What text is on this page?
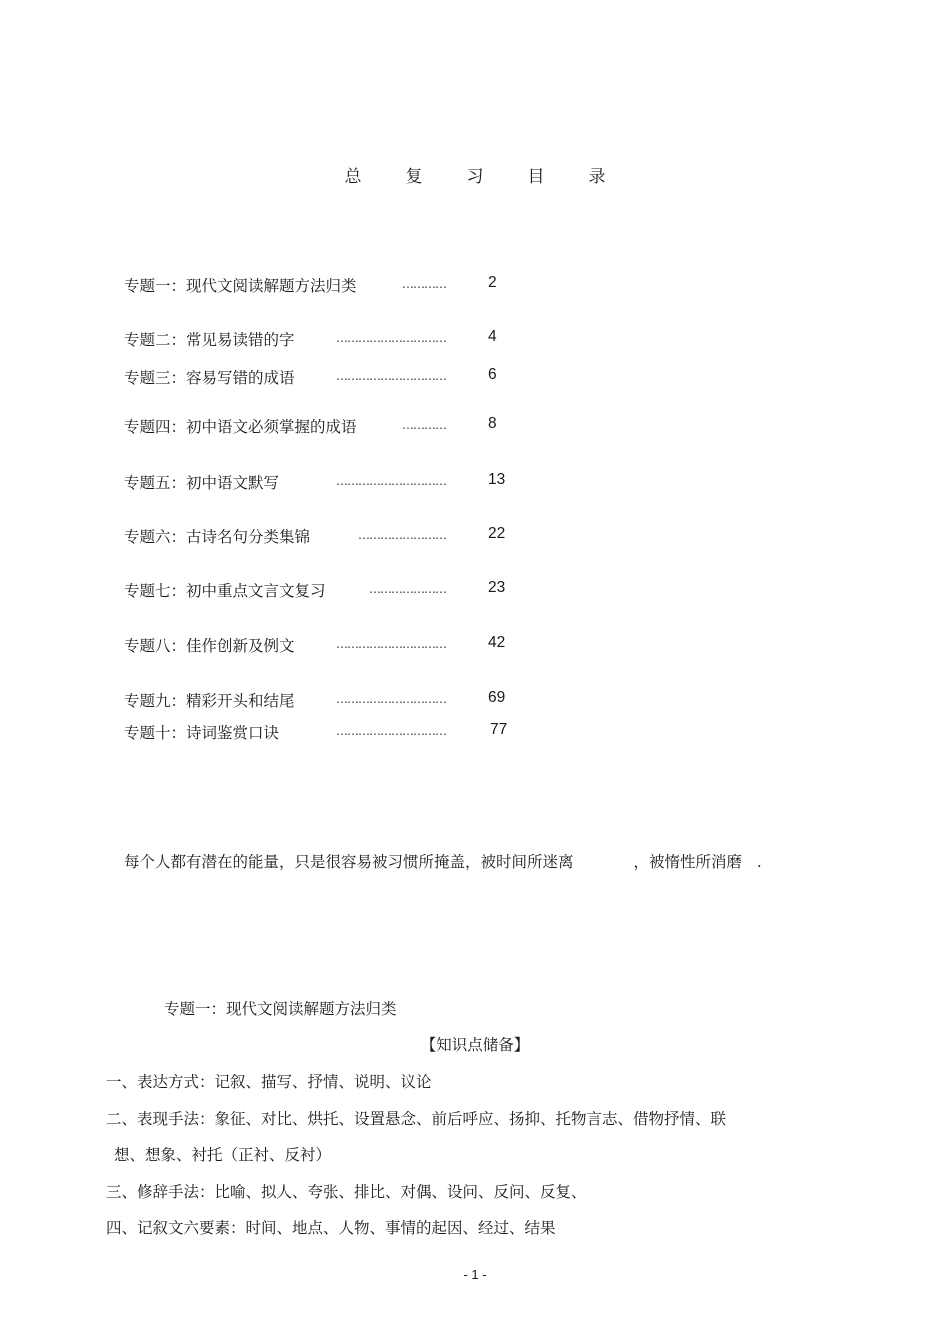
总	复	习	目	录
专题一：现代文阅读解题方法归类	…………	2
专题二：常见易读错的字	…………………………	4
专题三：容易写错的成语	…………………………	6
专题四：初中语文必须掌握的成语	…………	8
专题五：初中语文默写	…………………………	13
专题六：古诗名句分类集锦	……………………	22
专题七：初中重点文言文复习	…………………	23
专题八：佳作创新及例文	…………………………	42
专题九：精彩开头和结尾	…………………………	69
专题十：诗词鉴赏口诀	…………………………	77
每个人都有潜在的能量，只是很容易被习惯所掩盖，被时间所迷离	，被惰性所消磨 .
专题一：现代文阅读解题方法归类
【知识点储备】
一、表达方式：记叙、描写、抒情、说明、议论
二、表现手法：象征、对比、烘托、设置悬念、前后呼应、扬抑、托物言志、借物抒情、联
想、想象、衬托（正衬、反衬）
三、修辞手法：比喻、拟人、夸张、排比、对偶、设问、反问、反复、
四、记叙文六要素：时间、地点、人物、事情的起因、经过、结果
- 1 -
